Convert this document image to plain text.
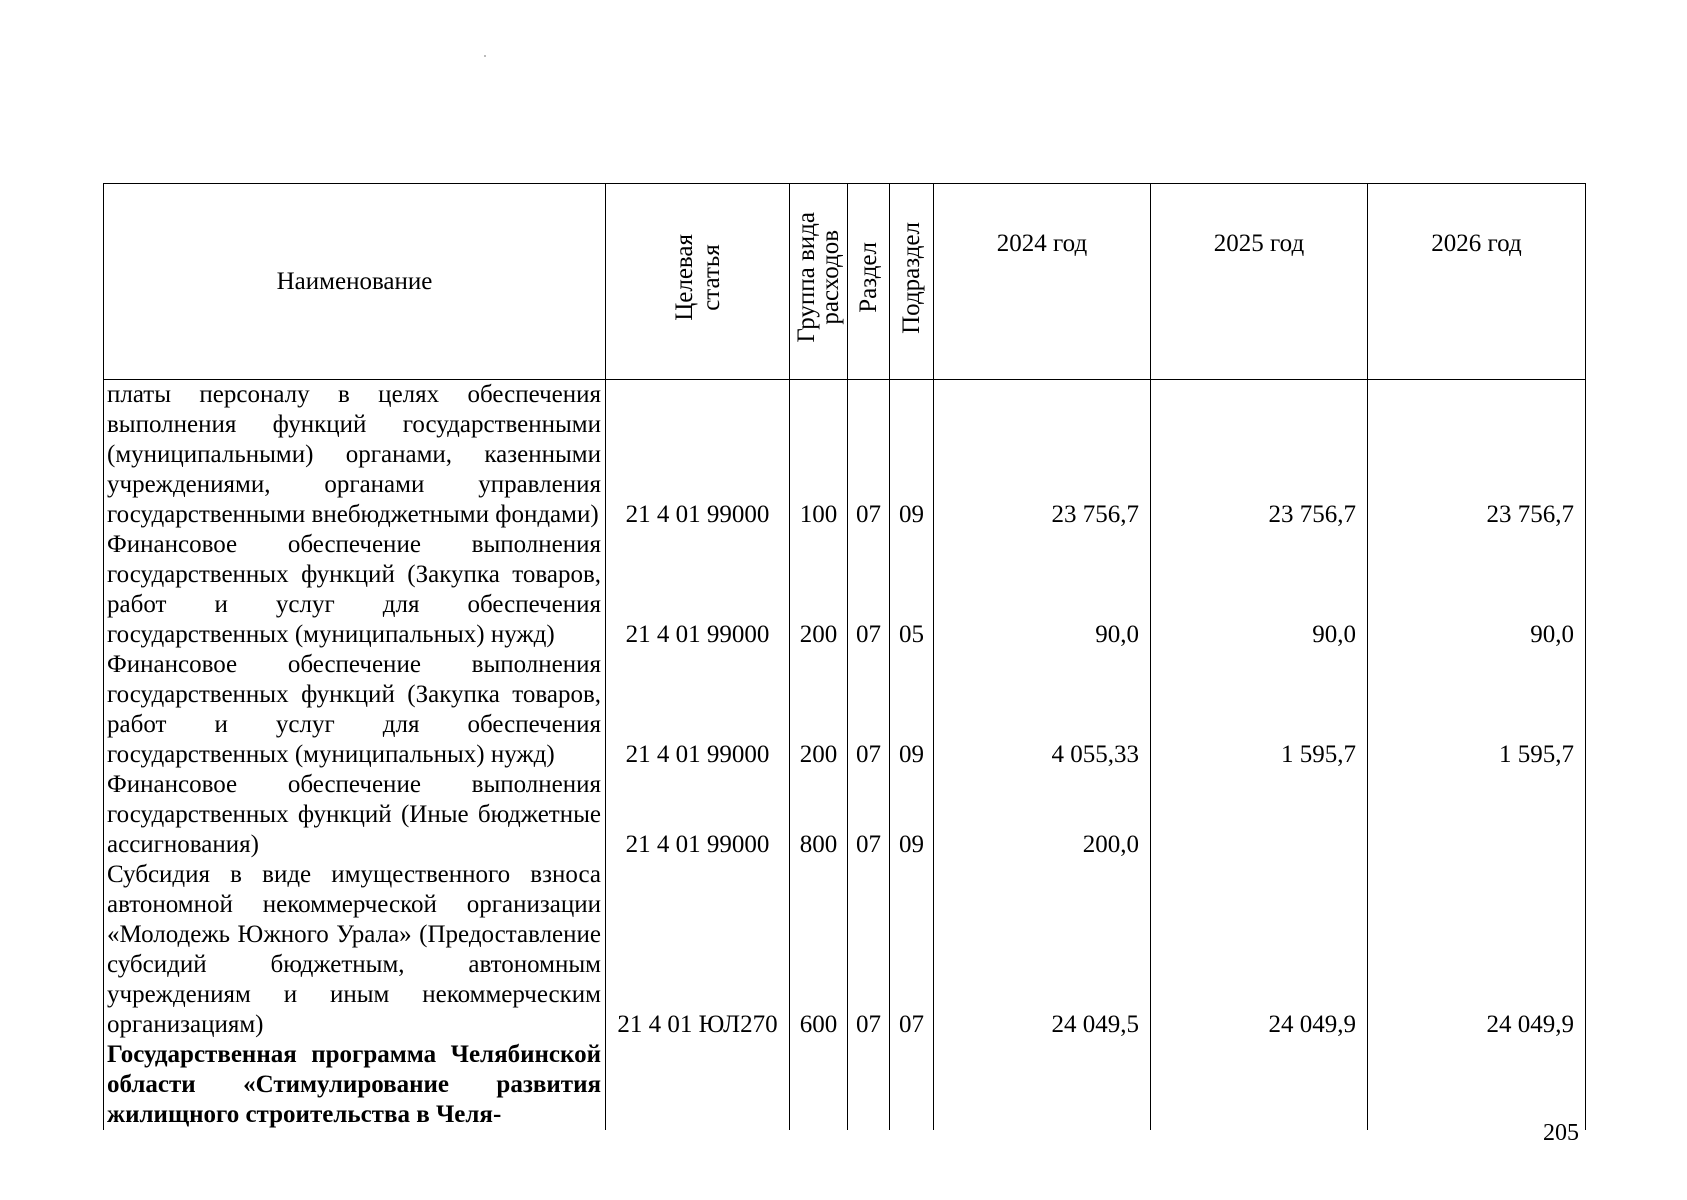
Наименование	Целевая статья	Группа вида
расходов	Раздел	Подраздел	2024 год	2025 год	2026 год

платы персоналу в целях обеспечения выполнения функций государственными (муниципальными) органами, казенными учреждениями, органами управления государственными внебюджетными фондами)	21 4 01 99000	100	07	09	23 756,7	23 756,7	23 756,7

Финансовое обеспечение выполнения государственных функций (Закупка товаров, работ и услуг для обеспечения государственных (муниципальных) нужд)	21 4 01 99000	200	07	05	90,0	90,0	90,0

Финансовое обеспечение выполнения государственных функций (Закупка товаров, работ и услуг для обеспечения государственных (муниципальных) нужд)	21 4 01 99000	200	07	09	4 055,33	1 595,7	1 595,7

Финансовое обеспечение выполнения государственных функций (Иные бюджетные ассигнования)	21 4 01 99000	800	07	09	200,0		

Субсидия в виде имущественного взноса автономной некоммерческой организации «Молодежь Южного Урала» (Предоставление субсидий бюджетным, автономным учреждениям и иным некоммерческим организациям)	21 4 01 ЮЛ270	600	07	07	24 049,5	24 049,9	24 049,9

Государственная программа Челябинской области «Стимулирование развития жилищного строительства в Челя-							

205
